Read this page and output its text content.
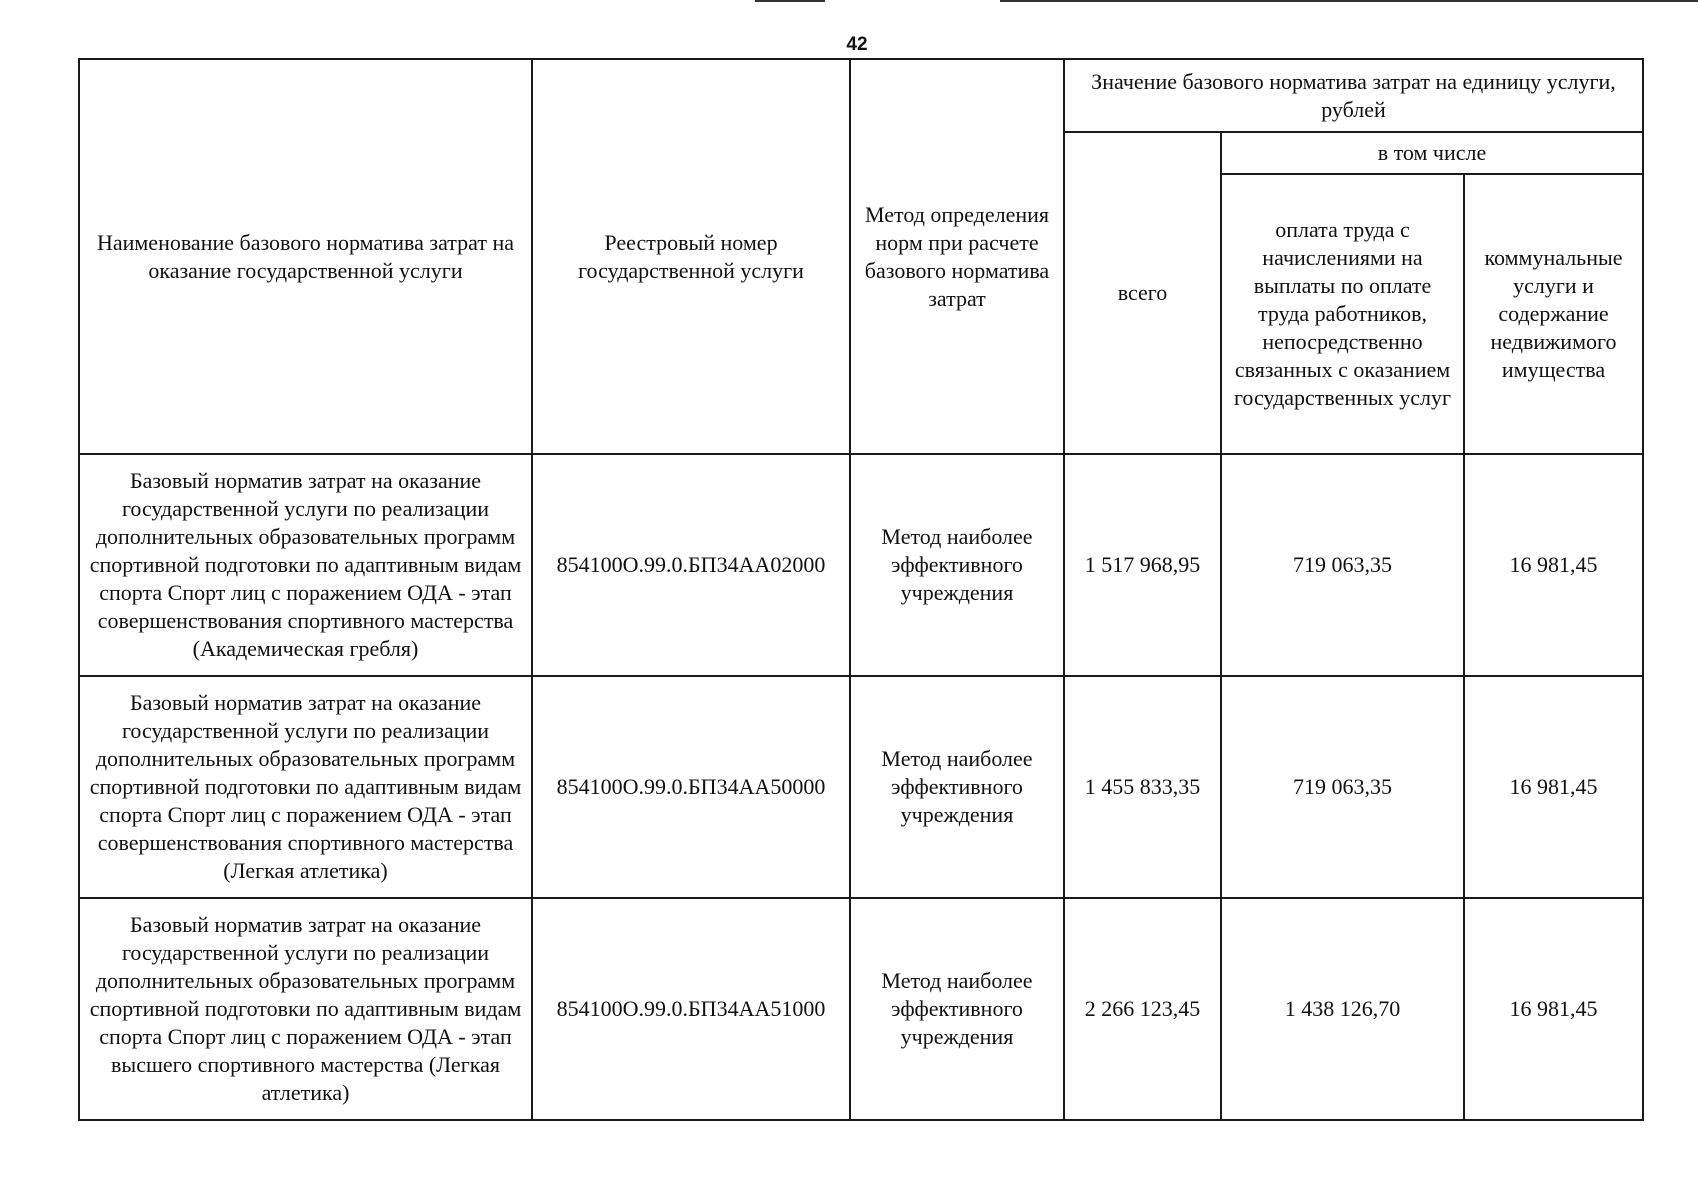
42
Наименование базового норматива затрат на оказание государственной услуги	Реестровый номер государственной услуги	Метод определения норм при расчете базового норматива затрат	Значение базового норматива затрат на единицу услуги, рублей		

			всего	в том числе	

				оплата труда с начислениями на выплаты по оплате труда работников, непосредственно связанных с оказанием государственных услуг	коммунальные услуги и содержание недвижимого имущества

Базовый норматив затрат на оказание государственной услуги по реализации дополнительных образовательных программ спортивной подготовки по адаптивным видам спорта Спорт лиц с поражением ОДА - этап совершенствования спортивного мастерства (Академическая гребля)	854100О.99.0.БП34АА02000	Метод наиболее эффективного учреждения	1 517 968,95	719 063,35	16 981,45
Базовый норматив затрат на оказание государственной услуги по реализации дополнительных образовательных программ спортивной подготовки по адаптивным видам спорта Спорт лиц с поражением ОДА - этап совершенствования спортивного мастерства (Легкая атлетика)	854100О.99.0.БП34АА50000	Метод наиболее эффективного учреждения	1 455 833,35	719 063,35	16 981,45
Базовый норматив затрат на оказание государственной услуги по реализации дополнительных образовательных программ спортивной подготовки по адаптивным видам спорта Спорт лиц с поражением ОДА - этап высшего спортивного мастерства (Легкая атлетика)	854100О.99.0.БП34АА51000	Метод наиболее эффективного учреждения	2 266 123,45	1 438 126,70	16 981,45
